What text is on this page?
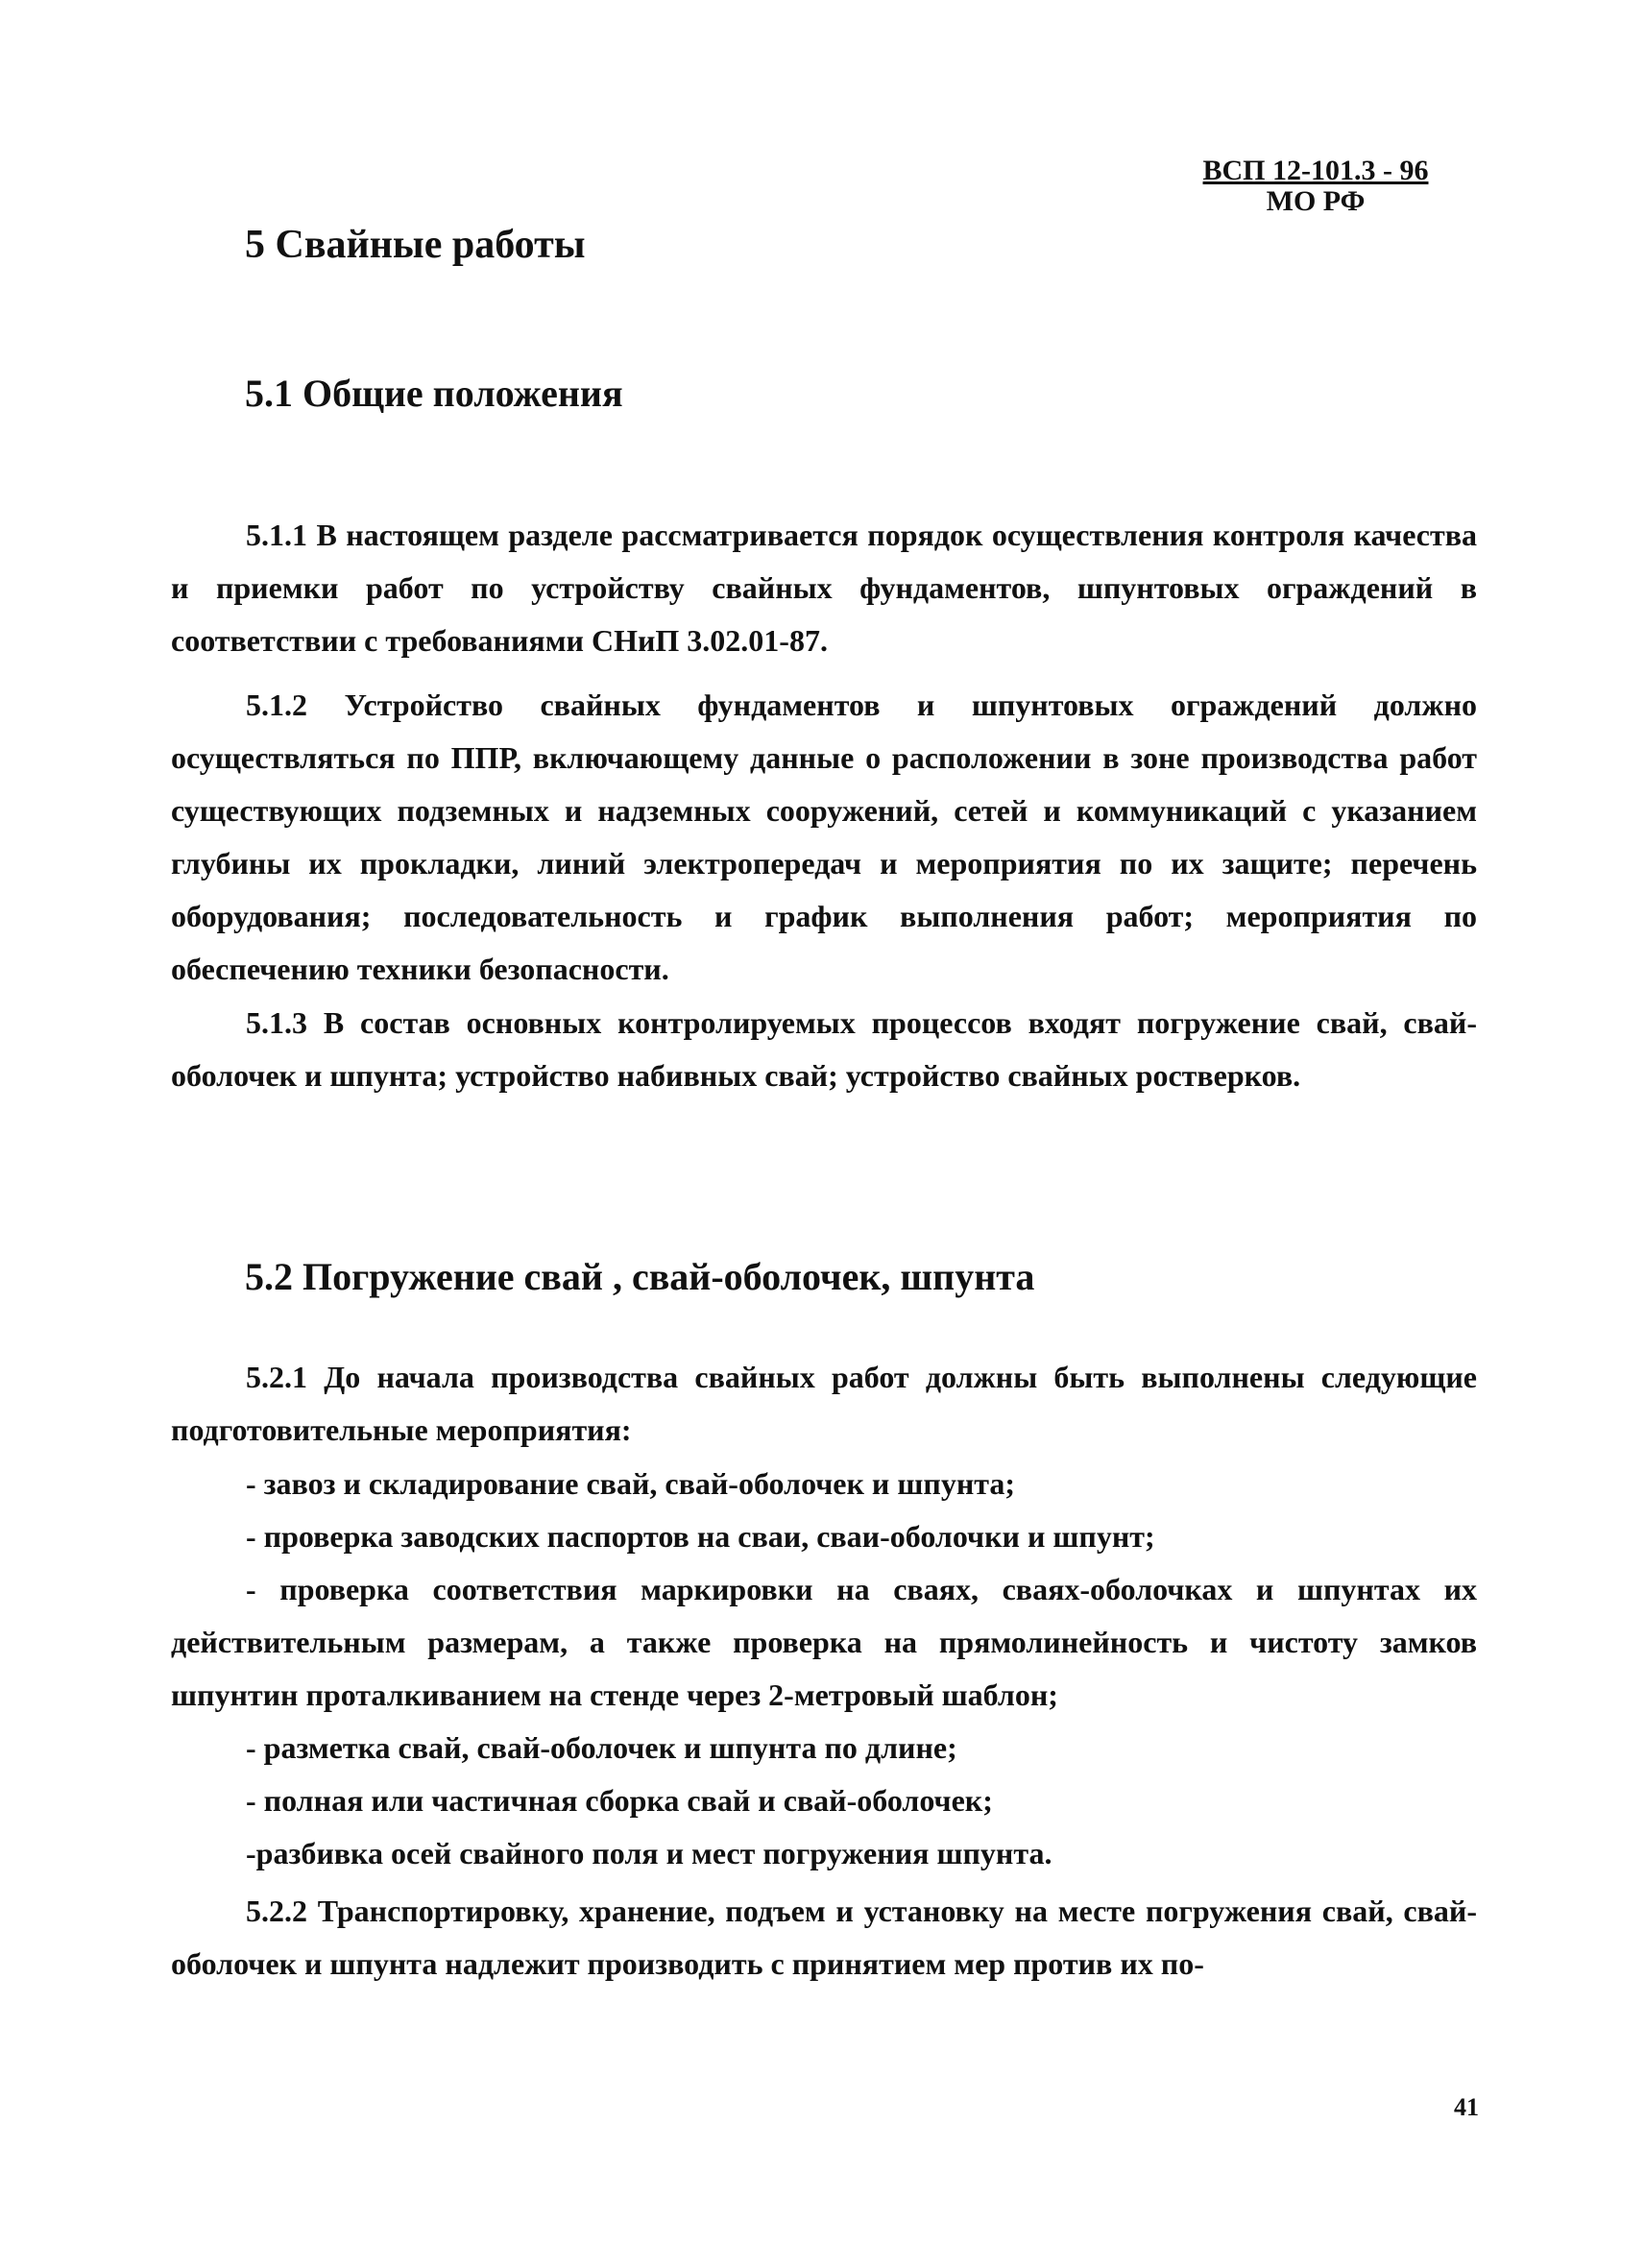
ВСП 12-101.3 - 96
МО РФ
5 Свайные работы
5.1 Общие положения

5.1.1 В настоящем разделе рассматривается порядок осуществления контроля качества и приемки работ по устройству свайных фундаментов, шпунтовых ограждений в соответствии с требованиями СНиП 3.02.01-87.

5.1.2 Устройство свайных фундаментов и шпунтовых ограждений должно осуществляться по ППР, включающему данные о расположении в зоне производства работ существующих подземных и надземных сооружений, сетей и коммуникаций с указанием глубины их прокладки, линий электропередач и мероприятия по их защите; перечень оборудования; последовательность и график выполнения работ; мероприятия по обеспечению техники безопасности.

5.1.3 В состав основных контролируемых процессов входят погружение свай, свай-оболочек и шпунта; устройство набивных свай; устройство свайных ростверков.

5.2 Погружение свай , свай-оболочек, шпунта

5.2.1 До начала производства свайных работ должны быть выполнены следующие подготовительные мероприятия:

- завоз и складирование свай, свай-оболочек и шпунта;

- проверка заводских паспортов на сваи, сваи-оболочки и шпунт;

- проверка соответствия маркировки на сваях, сваях-оболочках и шпунтах их действительным размерам, а также проверка на прямолинейность и чистоту замков шпунтин проталкиванием на стенде через 2-метровый шаблон;

- разметка свай, свай-оболочек и шпунта по длине;

- полная или частичная сборка свай и свай-оболочек;

-разбивка осей свайного поля и мест погружения шпунта.

5.2.2 Транспортировку, хранение, подъем и установку на месте погружения свай, свай-оболочек и шпунта надлежит производить с принятием мер против их по-

41
